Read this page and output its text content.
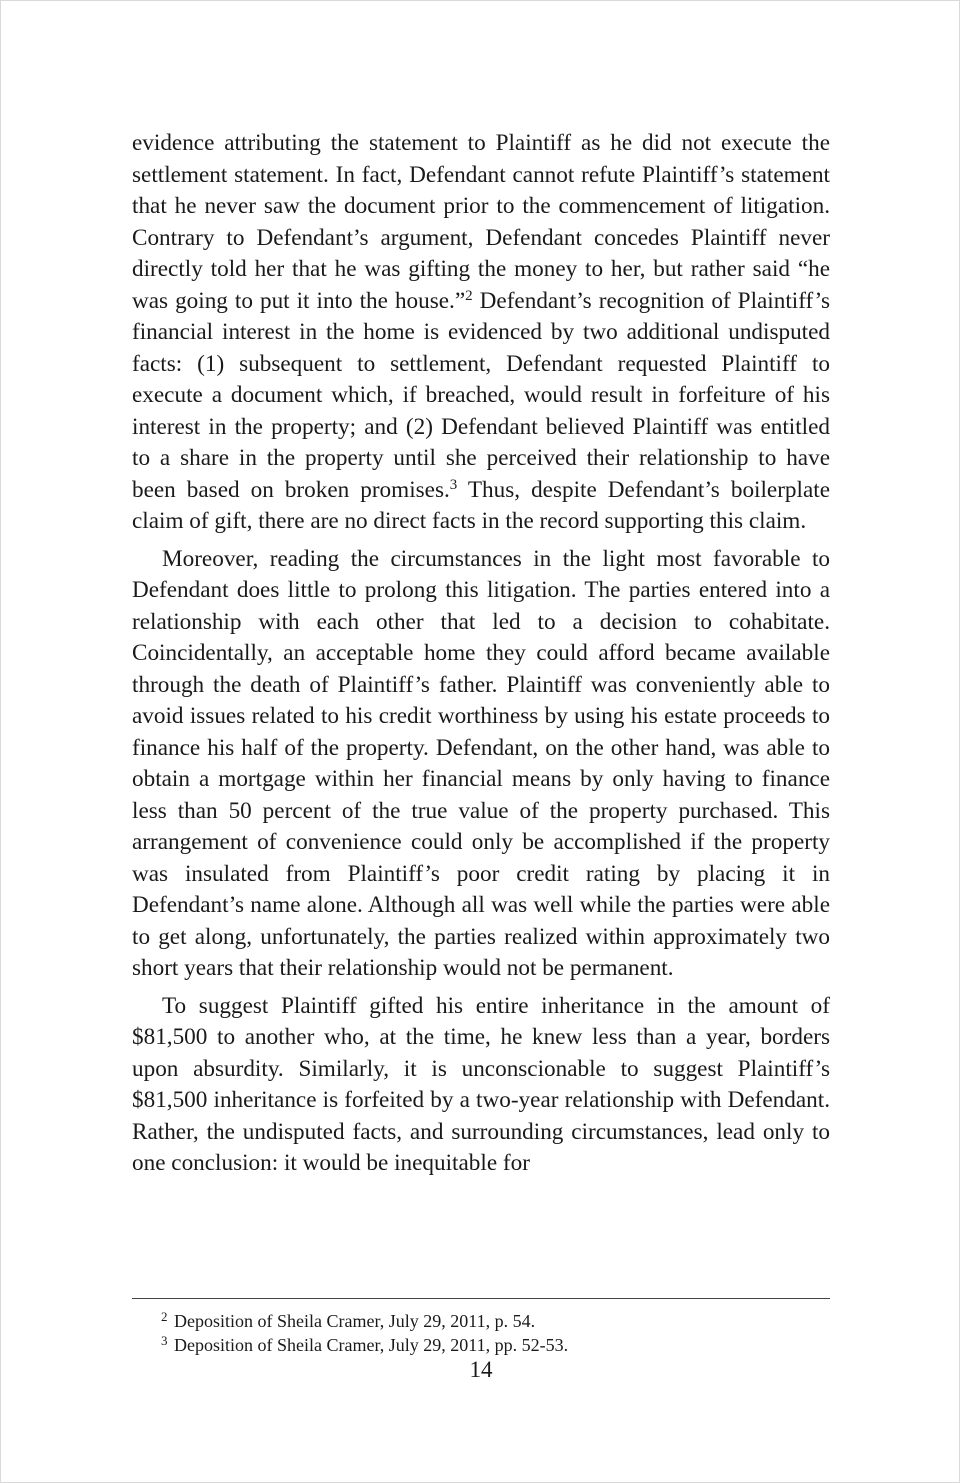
evidence attributing the statement to Plaintiff as he did not execute the settlement statement. In fact, Defendant cannot refute Plaintiff’s statement that he never saw the document prior to the commencement of litigation. Contrary to Defendant’s argument, Defendant concedes Plaintiff never directly told her that he was gifting the money to her, but rather said “he was going to put it into the house.”$^2$ Defendant’s recognition of Plaintiff’s financial interest in the home is evidenced by two additional undisputed facts: (1) subsequent to settlement, Defendant requested Plaintiff to execute a document which, if breached, would result in forfeiture of his interest in the property; and (2) Defendant believed Plaintiff was entitled to a share in the property until she perceived their relationship to have been based on broken promises.$^3$ Thus, despite Defendant’s boilerplate claim of gift, there are no direct facts in the record supporting this claim.

Moreover, reading the circumstances in the light most favorable to Defendant does little to prolong this litigation. The parties entered into a relationship with each other that led to a decision to cohabitate. Coincidentally, an acceptable home they could afford became available through the death of Plaintiff’s father. Plaintiff was conveniently able to avoid issues related to his credit worthiness by using his estate proceeds to finance his half of the property. Defendant, on the other hand, was able to obtain a mortgage within her financial means by only having to finance less than 50 percent of the true value of the property purchased. This arrangement of convenience could only be accomplished if the property was insulated from Plaintiff’s poor credit rating by placing it in Defendant’s name alone. Although all was well while the parties were able to get along, unfortunately, the parties realized within approximately two short years that their relationship would not be permanent.

To suggest Plaintiff gifted his entire inheritance in the amount of $81,500 to another who, at the time, he knew less than a year, borders upon absurdity. Similarly, it is unconscionable to suggest Plaintiff’s $81,500 inheritance is forfeited by a two-year relationship with Defendant. Rather, the undisputed facts, and surrounding circumstances, lead only to one conclusion: it would be inequitable for

$^2$ Deposition of Sheila Cramer, July 29, 2011, p. 54.

$^3$ Deposition of Sheila Cramer, July 29, 2011, pp. 52-53.

14
